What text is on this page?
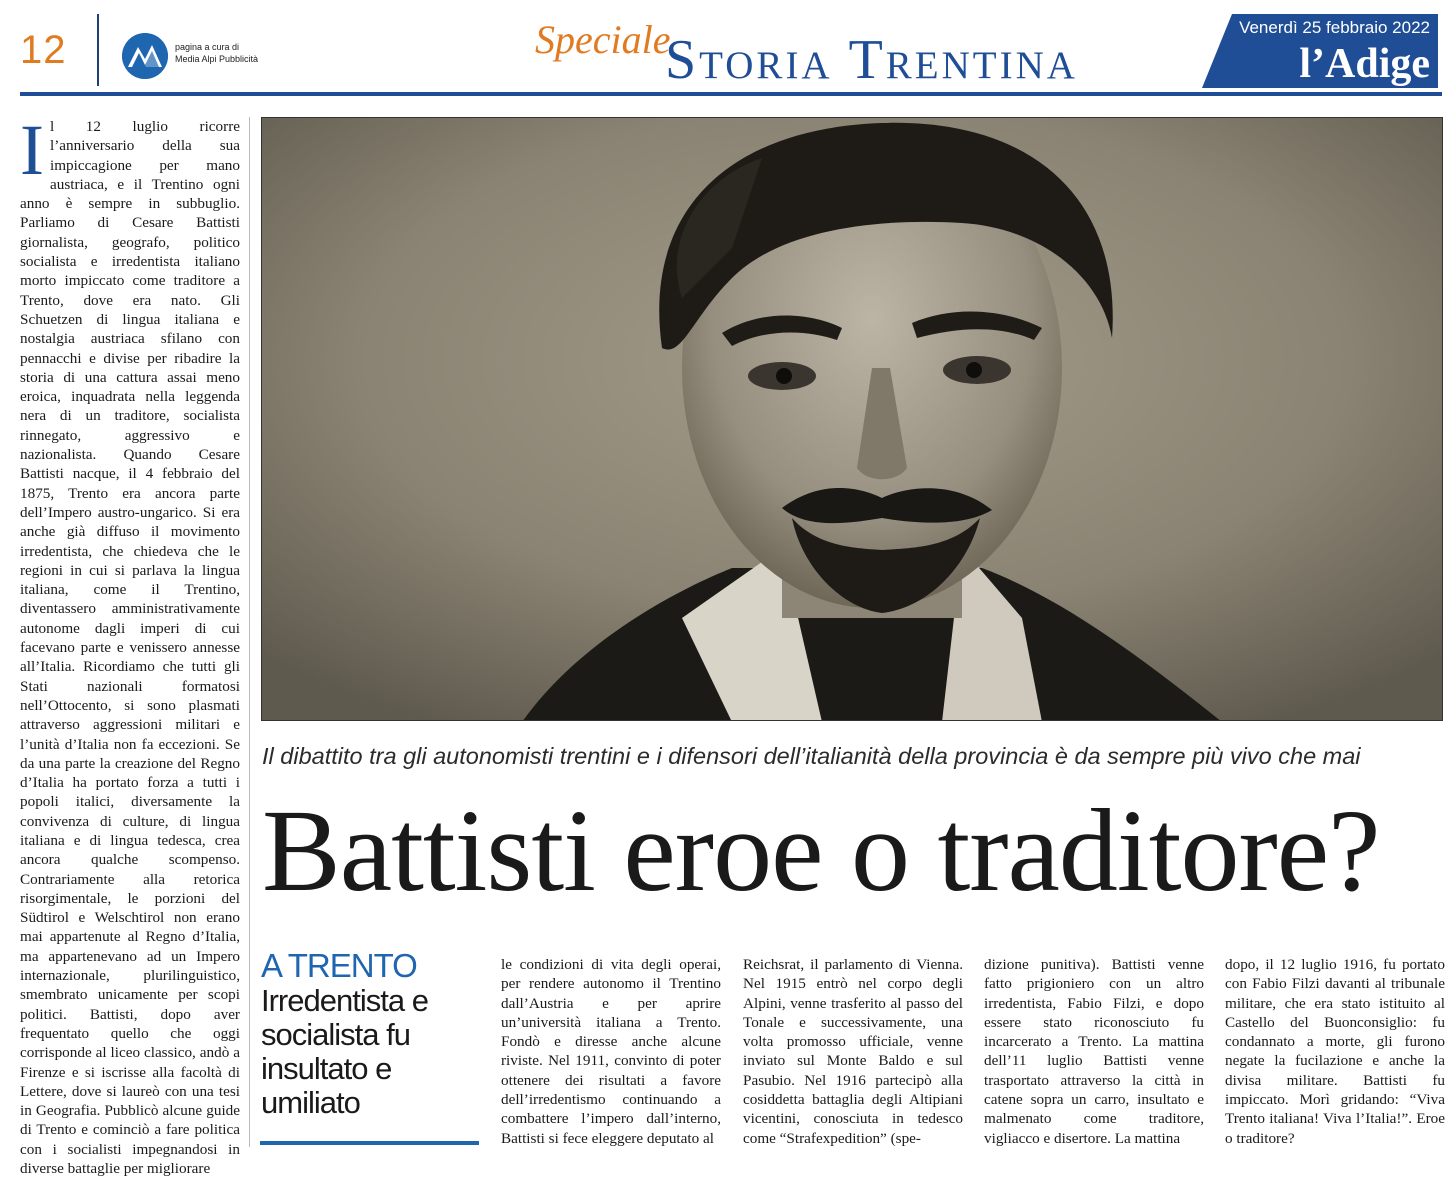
12	pagina a cura di
Media Alpi Pubblicità	Speciale
Storia Trentina
Venerdì 25 febbraio 2022
l’Adige
Il 12 luglio ricorre l’anniversario della sua impiccagione per mano austriaca, e il Trentino ogni anno è sempre in subbuglio. Parliamo di Cesare Battisti giornalista, geografo, politico socialista e irredentista italiano morto impiccato come traditore a Trento, dove era nato. Gli Schuetzen di lingua italiana e nostalgia austriaca sfilano con pennacchi e divise per ribadire la storia di una cattura assai meno eroica, inquadrata nella leggenda nera di un traditore, socialista rinnegato, aggressivo e nazionalista. Quando Cesare Battisti nacque, il 4 febbraio del 1875, Trento era ancora parte dell’Impero austro-ungarico. Si era anche già diffuso il movimento irredentista, che chiedeva che le regioni in cui si parlava la lingua italiana, come il Trentino, diventassero amministrativamente autonome dagli imperi di cui facevano parte e venissero annesse all’Italia. Ricordiamo che tutti gli Stati nazionali formatosi nell’Ottocento, si sono plasmati attraverso aggressioni militari e l’unità d’Italia non fa eccezioni. Se da una parte la creazione del Regno d’Italia ha portato forza a tutti i popoli italici, diversamente la convivenza di culture, di lingua italiana e di lingua tedesca, crea ancora qualche scompenso. Contrariamente alla retorica risorgimentale, le porzioni del Südtirol e Welschtirol non erano mai appartenute al Regno d’Italia, ma appartenevano ad un Impero internazionale, plurilinguistico, smembrato unicamente per scopi politici. Battisti, dopo aver frequentato quello che oggi corrisponde al liceo classico, andò a Firenze e si iscrisse alla facoltà di Lettere, dove si laureò con una tesi in Geografia. Pubblicò alcune guide di Trento e cominciò a fare politica con i socialisti impegnandosi in diverse battaglie per migliorare
Il dibattito tra gli autonomisti trentini e i difensori dell’italianità della provincia è da sempre più vivo che mai
Battisti eroe o traditore?
A TRENTO
Irredentista e socialista fu insultato e umiliato
le condizioni di vita degli operai, per rendere autonomo il Trentino dall’Austria e per aprire un’università italiana a Trento. Fondò e diresse anche alcune riviste. Nel 1911, convinto di poter ottenere dei risultati a favore dell’irredentismo continuando a combattere l’impero dall’interno, Battisti si fece eleggere deputato al
Reichsrat, il parlamento di Vienna. Nel 1915 entrò nel corpo degli Alpini, venne trasferito al passo del Tonale e successivamente, una volta promosso ufficiale, venne inviato sul Monte Baldo e sul Pasubio. Nel 1916 partecipò alla cosiddetta battaglia degli Altipiani vicentini, conosciuta in tedesco come “Strafexpedition” (spe-
dizione punitiva). Battisti venne fatto prigioniero con un altro irredentista, Fabio Filzi, e dopo essere stato riconosciuto fu incarcerato a Trento. La mattina dell’11 luglio Battisti venne trasportato attraverso la città in catene sopra un carro, insultato e malmenato come traditore, vigliacco e disertore. La mattina
dopo, il 12 luglio 1916, fu portato con Fabio Filzi davanti al tribunale militare, che era stato istituito al Castello del Buonconsiglio: fu condannato a morte, gli furono negate la fucilazione e anche la divisa militare. Battisti fu impiccato. Morì gridando: “Viva Trento italiana! Viva l’Italia!”. Eroe o traditore?
